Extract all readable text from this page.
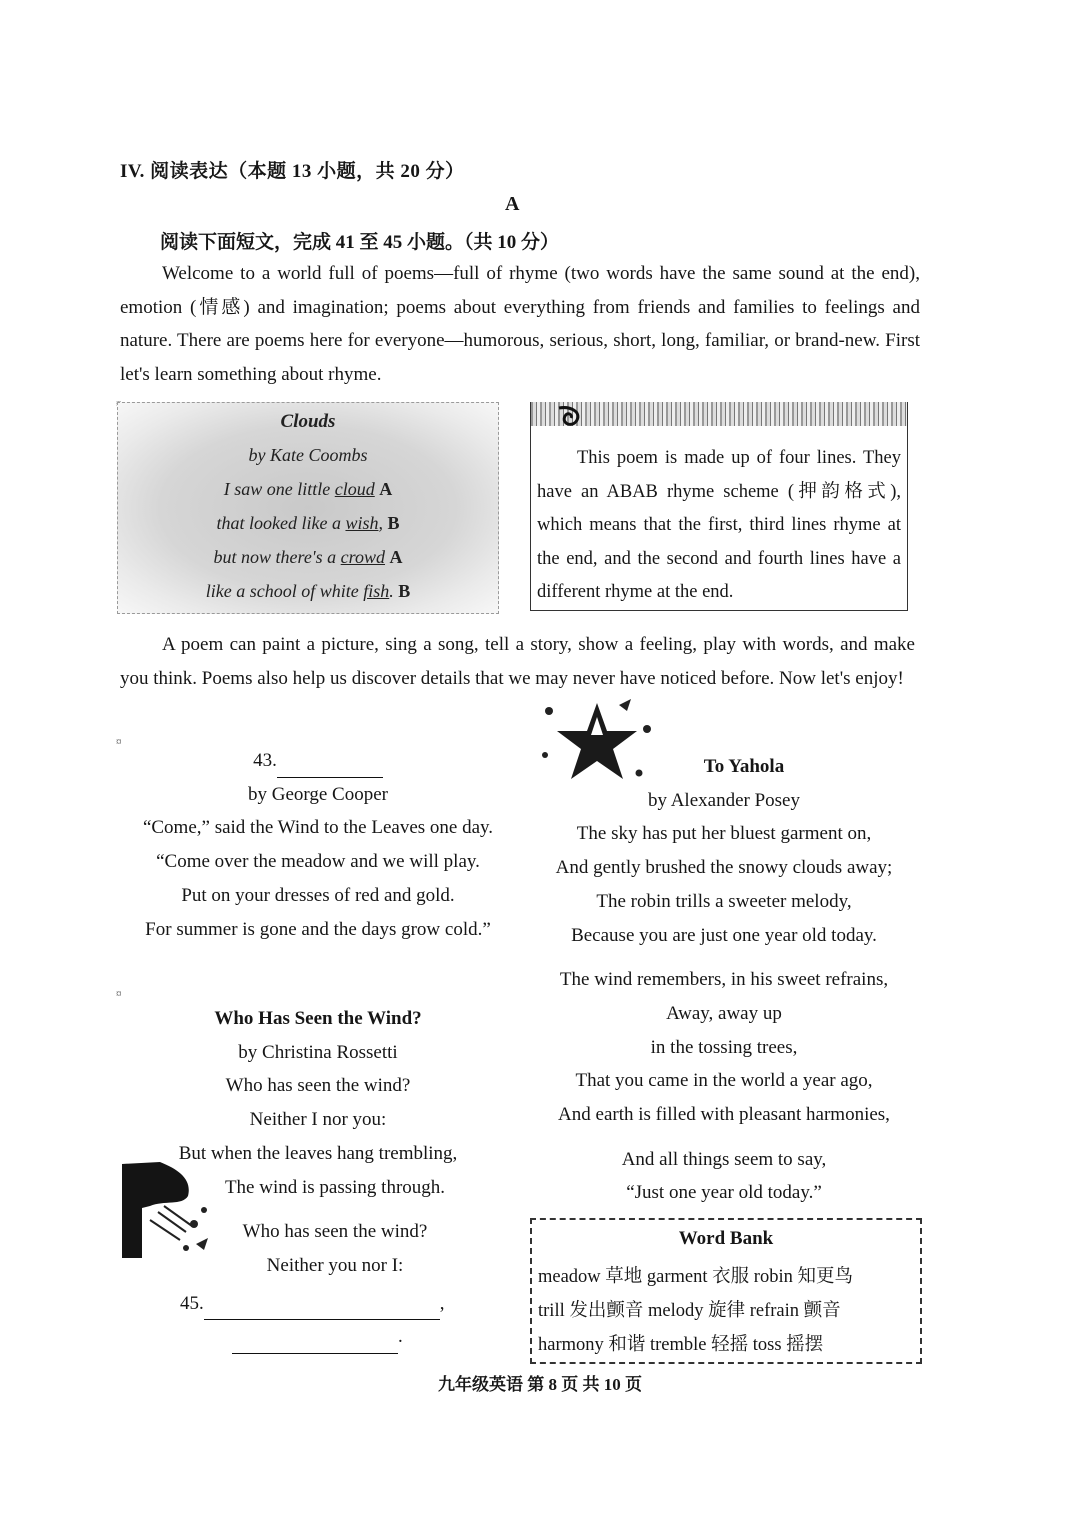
IV. 阅读表达（本题 13 小题，共 20 分）
A
阅读下面短文，完成 41 至 45 小题。（共 10 分）
Welcome to a world full of poems—full of rhyme (two words have the same sound at the end), emotion (情感) and imagination; poems about everything from friends and families to feelings and nature. There are poems here for everyone—humorous, serious, short, long, familiar, or brand-new. First let's learn something about rhyme.
Clouds
by Kate Coombs
I saw one little cloud A
that looked like a wish, B
but now there's a crowd A
like a school of white fish. B
This poem is made up of four lines. They have an ABAB rhyme scheme (押韵格式), which means that the first, third lines rhyme at the end, and the second and fourth lines have a different rhyme at the end.
A poem can paint a picture, sing a song, tell a story, show a feeling, play with words, and make you think. Poems also help us discover details that we may never have noticed before. Now let's enjoy!
¤
43.
by George Cooper
“Come,” said the Wind to the Leaves one day.
“Come over the meadow and we will play.
Put on your dresses of red and gold.
For summer is gone and the days grow cold.”
To Yahola
by Alexander Posey
The sky has put her bluest garment on,
And gently brushed the snowy clouds away;
The robin trills a sweeter melody,
Because you are just one year old today.
The wind remembers, in his sweet refrains,
Away, away up
in the tossing trees,
That you came in the world a year ago,
And earth is filled with pleasant harmonies,
And all things seem to say,
“Just one year old today.”
¤
Who Has Seen the Wind?
by Christina Rossetti
Who has seen the wind?
Neither I nor you:
But when the leaves hang trembling,
The wind is passing through.
Who has seen the wind?
Neither you nor I:
45.	,
.
Word Bank
meadow 草地 garment 衣服 robin 知更鸟
trill 发出颤音 melody 旋律 refrain 颤音
harmony 和谐 tremble 轻摇 toss 摇摆
九年级英语 第 8 页 共 10 页
